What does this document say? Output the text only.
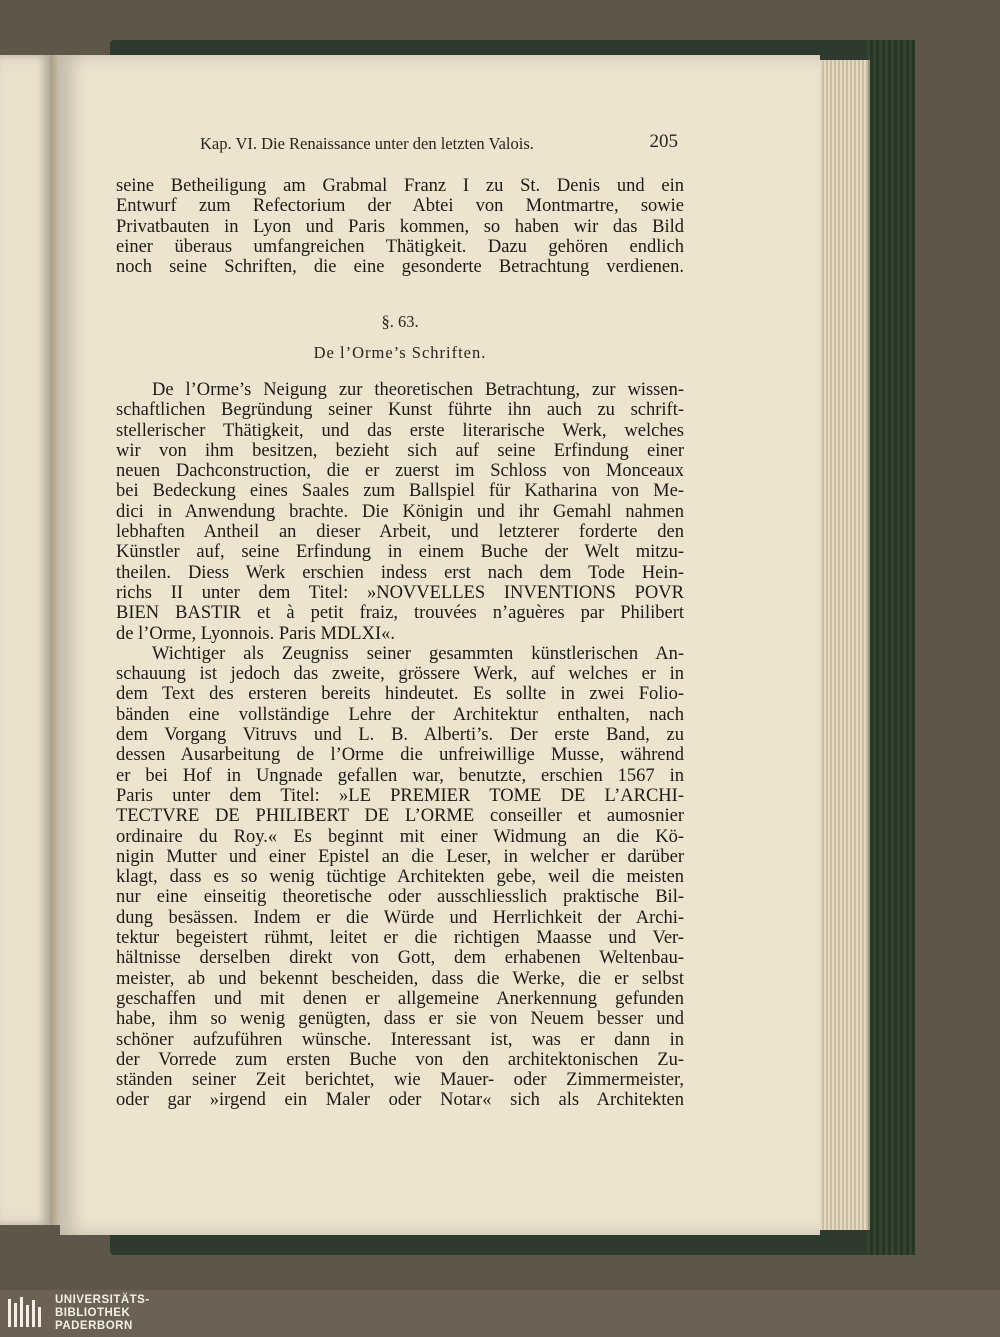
Kap. VI. Die Renaissance unter den letzten Valois.	205
seine Betheiligung am Grabmal Franz I zu St. Denis und ein
Entwurf zum Refectorium der Abtei von Montmartre, sowie
Privatbauten in Lyon und Paris kommen, so haben wir das Bild
einer überaus umfangreichen Thätigkeit. Dazu gehören endlich
noch seine Schriften, die eine gesonderte Betrachtung verdienen.
§. 63.
De l’Orme’s Schriften.
De l’Orme’s Neigung zur theoretischen Betrachtung, zur wissen-
schaftlichen Begründung seiner Kunst führte ihn auch zu schrift-
stellerischer Thätigkeit, und das erste literarische Werk, welches
wir von ihm besitzen, bezieht sich auf seine Erfindung einer
neuen Dachconstruction, die er zuerst im Schloss von Monceaux
bei Bedeckung eines Saales zum Ballspiel für Katharina von Me-
dici in Anwendung brachte. Die Königin und ihr Gemahl nahmen
lebhaften Antheil an dieser Arbeit, und letzterer forderte den
Künstler auf, seine Erfindung in einem Buche der Welt mitzu-
theilen. Diess Werk erschien indess erst nach dem Tode Hein-
richs II unter dem Titel: »NOVVELLES INVENTIONS POVR
BIEN BASTIR et à petit fraiz, trouvées n’aguères par Philibert
de l’Orme, Lyonnois. Paris MDLXI«.
Wichtiger als Zeugniss seiner gesammten künstlerischen An-
schauung ist jedoch das zweite, grössere Werk, auf welches er in
dem Text des ersteren bereits hindeutet. Es sollte in zwei Folio-
bänden eine vollständige Lehre der Architektur enthalten, nach
dem Vorgang Vitruvs und L. B. Alberti’s. Der erste Band, zu
dessen Ausarbeitung de l’Orme die unfreiwillige Musse, während
er bei Hof in Ungnade gefallen war, benutzte, erschien 1567 in
Paris unter dem Titel: »LE PREMIER TOME DE L’ARCHI-
TECTVRE DE PHILIBERT DE L’ORME conseiller et aumosnier
ordinaire du Roy.« Es beginnt mit einer Widmung an die Kö-
nigin Mutter und einer Epistel an die Leser, in welcher er darüber
klagt, dass es so wenig tüchtige Architekten gebe, weil die meisten
nur eine einseitig theoretische oder ausschliesslich praktische Bil-
dung besässen. Indem er die Würde und Herrlichkeit der Archi-
tektur begeistert rühmt, leitet er die richtigen Maasse und Ver-
hältnisse derselben direkt von Gott, dem erhabenen Weltenbau-
meister, ab und bekennt bescheiden, dass die Werke, die er selbst
geschaffen und mit denen er allgemeine Anerkennung gefunden
habe, ihm so wenig genügten, dass er sie von Neuem besser und
schöner aufzuführen wünsche. Interessant ist, was er dann in
der Vorrede zum ersten Buche von den architektonischen Zu-
ständen seiner Zeit berichtet, wie Mauer- oder Zimmermeister,
oder gar »irgend ein Maler oder Notar« sich als Architekten
UNIVERSITÄTS-
BIBLIOTHEK
PADERBORN
